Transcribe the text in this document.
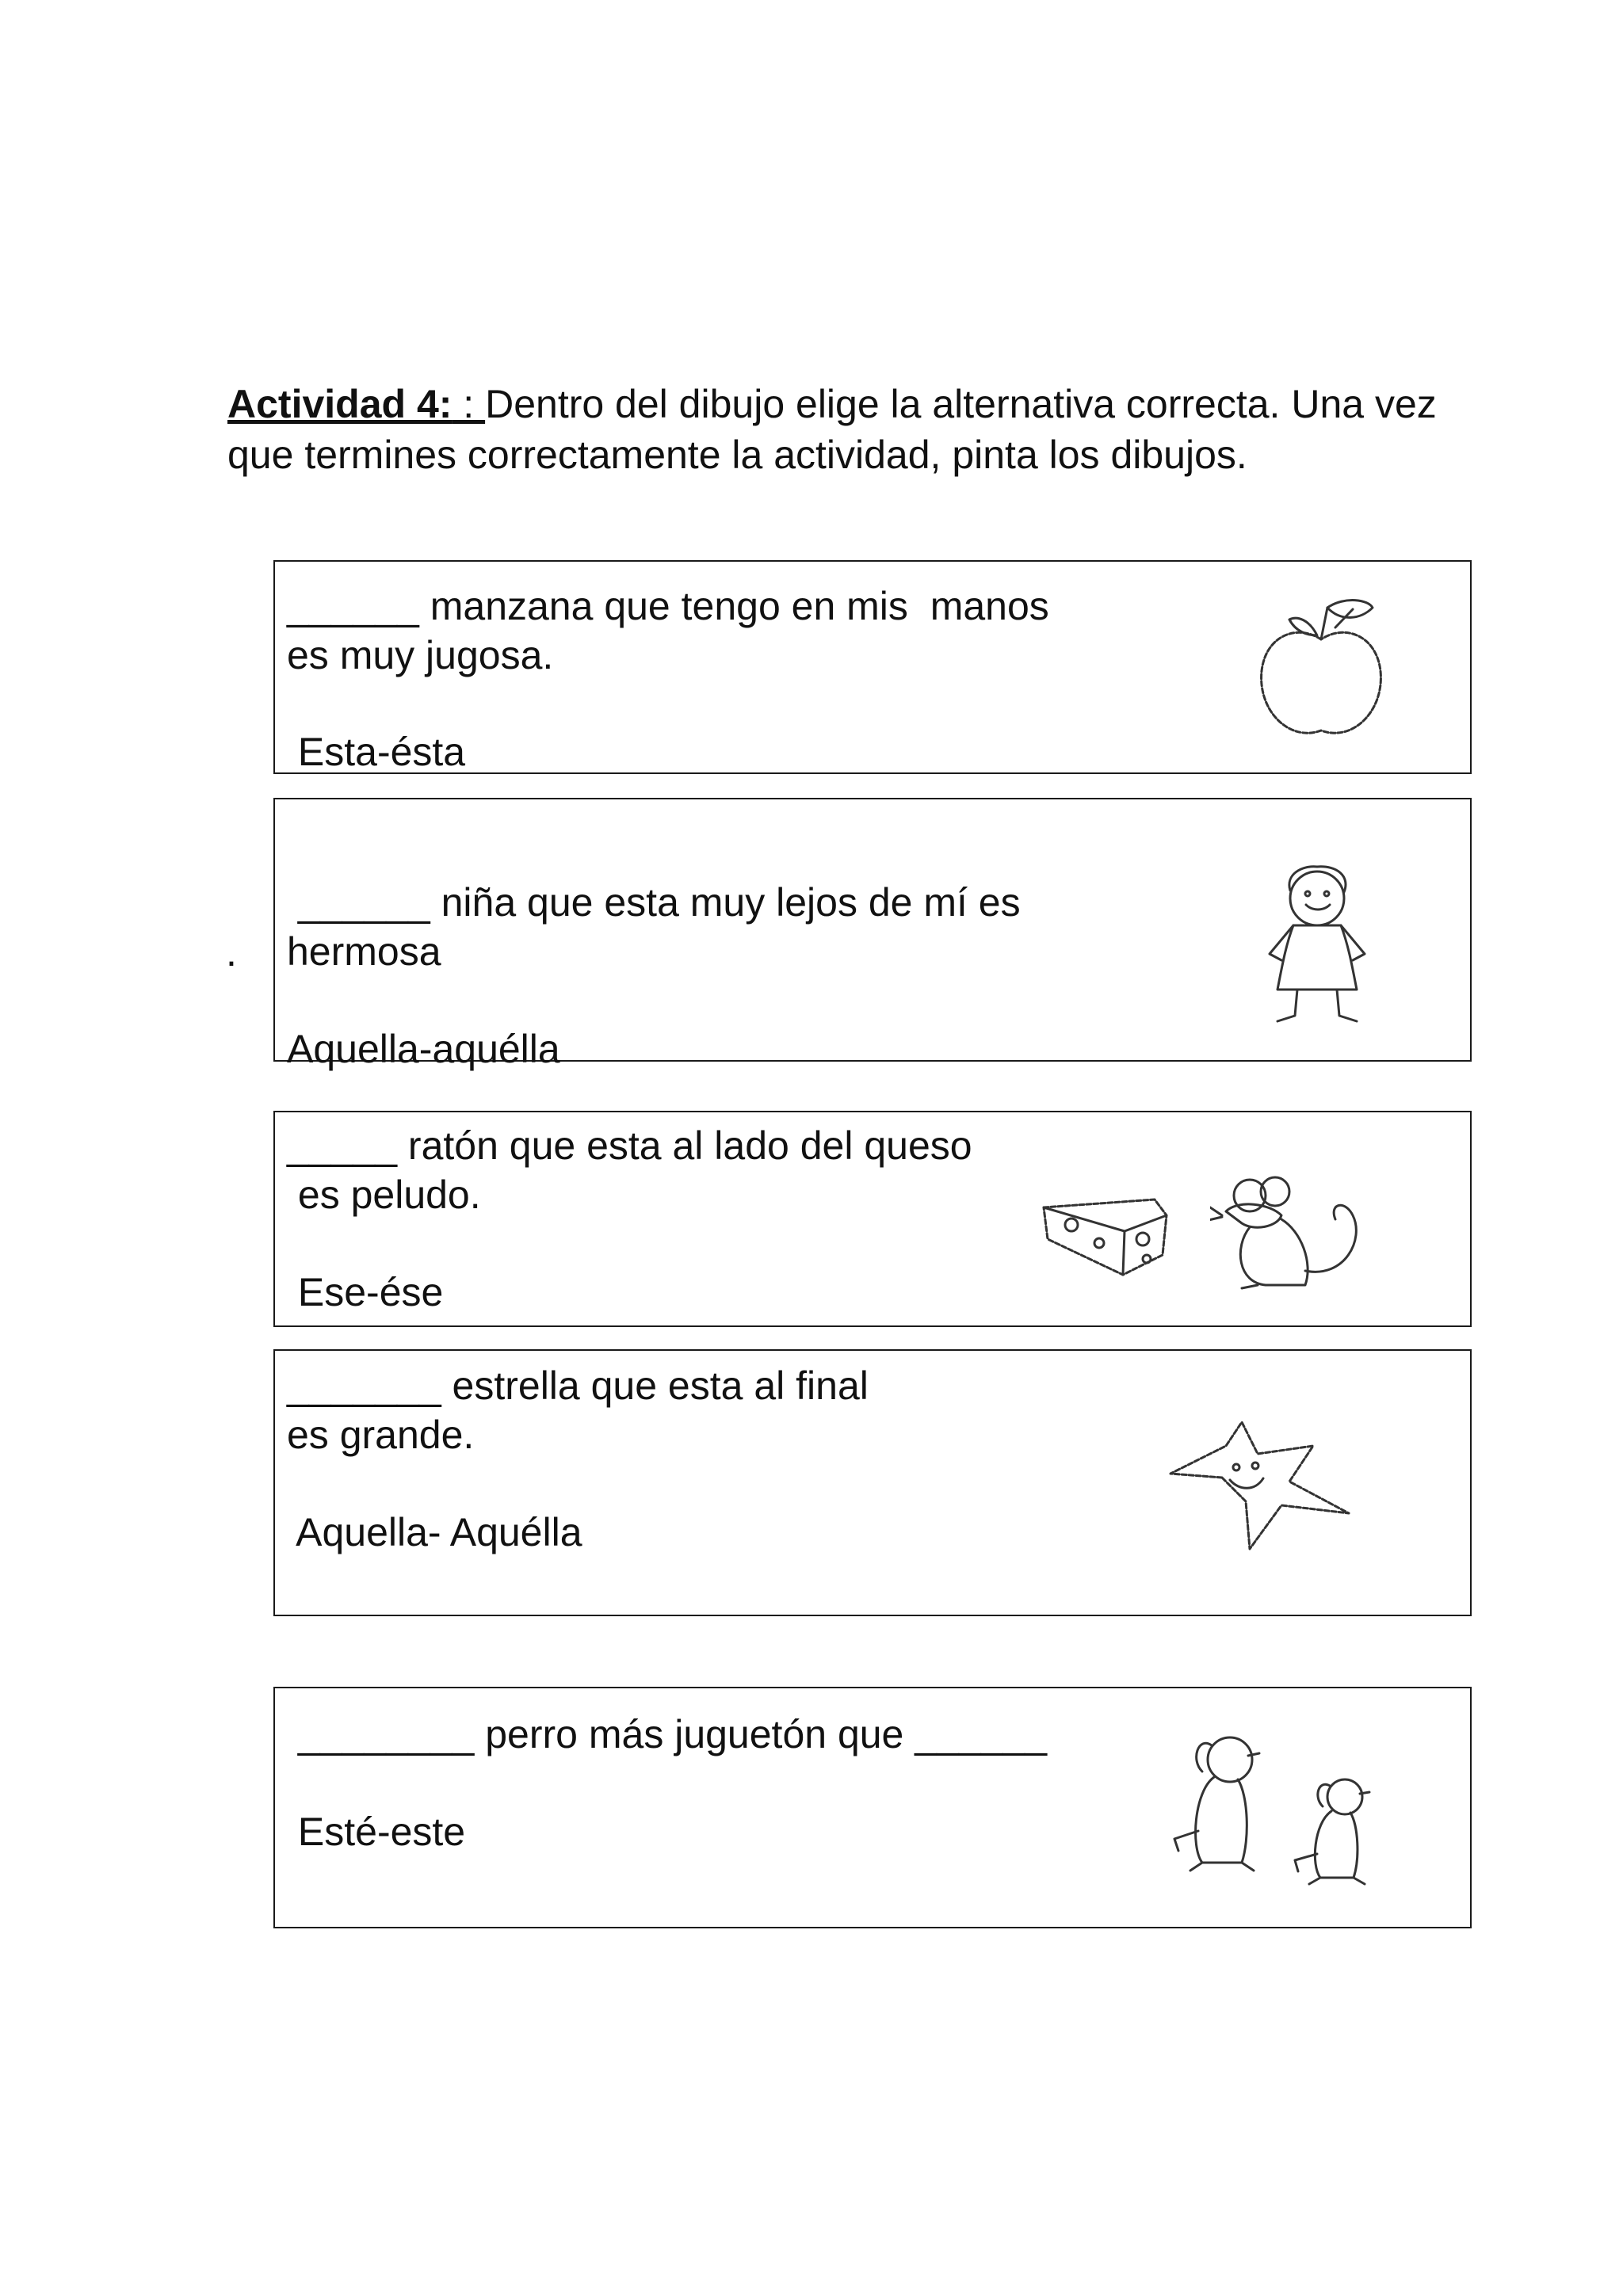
Actividad 4: : Dentro del dibujo elige la alternativa correcta. Una vez que termines correctamente la actividad, pinta los dibujos.
.
______ manzana que tengo en mis  manos
es muy jugosa.
Esta-ésta
______ niña que esta muy lejos de mí es
hermosa
Aquella-aquélla
_____ ratón que esta al lado del queso
es peludo.
Ese-ése
_______ estrella que esta al final
es grande.
Aquella- Aquélla
________ perro más juguetón que ______
Esté-este
